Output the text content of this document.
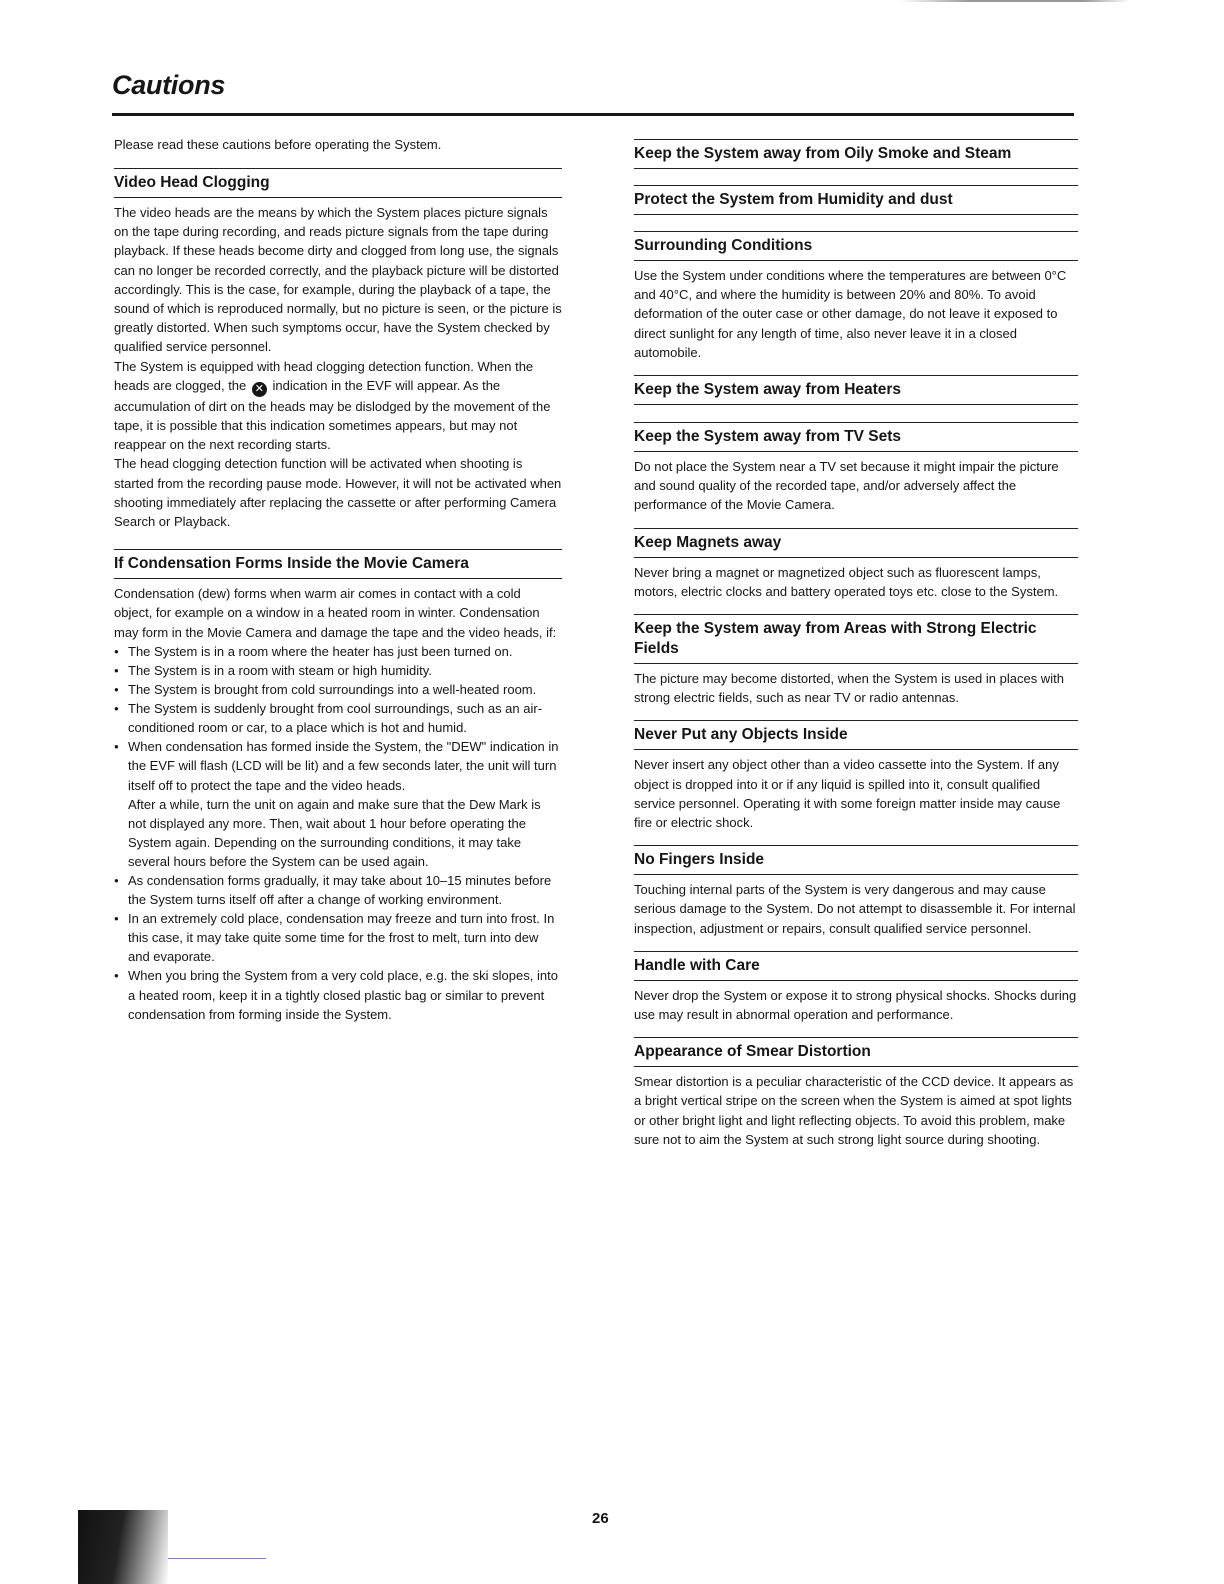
Cautions

Please read these cautions before operating the System.

Video Head Clogging

The video heads are the means by which the System places picture signals on the tape during recording, and reads picture signals from the tape during playback. If these heads become dirty and clogged from long use, the signals can no longer be recorded correctly, and the playback picture will be distorted accordingly. This is the case, for example, during the playback of a tape, the sound of which is reproduced normally, but no picture is seen, or the picture is greatly distorted. When such symptoms occur, have the System checked by qualified service personnel.

The System is equipped with head clogging detection function. When the heads are clogged, the ✕ indication in the EVF will appear. As the accumulation of dirt on the heads may be dislodged by the movement of the tape, it is possible that this indication sometimes appears, but may not reappear on the next recording starts.

The head clogging detection function will be activated when shooting is started from the recording pause mode. However, it will not be activated when shooting immediately after replacing the cassette or after performing Camera Search or Playback.

If Condensation Forms Inside the Movie Camera

Condensation (dew) forms when warm air comes in contact with a cold object, for example on a window in a heated room in winter. Condensation may form in the Movie Camera and damage the tape and the video heads, if:

● The System is in a room where the heater has just been turned on.
● The System is in a room with steam or high humidity.
● The System is brought from cold surroundings into a well-heated room.
● The System is suddenly brought from cool surroundings, such as an air-conditioned room or car, to a place which is hot and humid.
● When condensation has formed inside the System, the "DEW" indication in the EVF will flash (LCD will be lit) and a few seconds later, the unit will turn itself off to protect the tape and the video heads.
After a while, turn the unit on again and make sure that the Dew Mark is not displayed any more. Then, wait about 1 hour before operating the System again. Depending on the surrounding conditions, it may take several hours before the System can be used again.
● As condensation forms gradually, it may take about 10–15 minutes before the System turns itself off after a change of working environment.
● In an extremely cold place, condensation may freeze and turn into frost. In this case, it may take quite some time for the frost to melt, turn into dew and evaporate.
● When you bring the System from a very cold place, e.g. the ski slopes, into a heated room, keep it in a tightly closed plastic bag or similar to prevent condensation from forming inside the System.
Keep the System away from Oily Smoke and Steam
Protect the System from Humidity and dust
Surrounding Conditions

Use the System under conditions where the temperatures are between 0°C and 40°C, and where the humidity is between 20% and 80%. To avoid deformation of the outer case or other damage, do not leave it exposed to direct sunlight for any length of time, also never leave it in a closed automobile.

Keep the System away from Heaters
Keep the System away from TV Sets

Do not place the System near a TV set because it might impair the picture and sound quality of the recorded tape, and/or adversely affect the performance of the Movie Camera.

Keep Magnets away

Never bring a magnet or magnetized object such as fluorescent lamps, motors, electric clocks and battery operated toys etc. close to the System.

Keep the System away from Areas with Strong Electric Fields

The picture may become distorted, when the System is used in places with strong electric fields, such as near TV or radio antennas.

Never Put any Objects Inside

Never insert any object other than a video cassette into the System. If any object is dropped into it or if any liquid is spilled into it, consult qualified service personnel. Operating it with some foreign matter inside may cause fire or electric shock.

No Fingers Inside

Touching internal parts of the System is very dangerous and may cause serious damage to the System. Do not attempt to disassemble it. For internal inspection, adjustment or repairs, consult qualified service personnel.

Handle with Care

Never drop the System or expose it to strong physical shocks. Shocks during use may result in abnormal operation and performance.

Appearance of Smear Distortion

Smear distortion is a peculiar characteristic of the CCD device. It appears as a bright vertical stripe on the screen when the System is aimed at spot lights or other bright light and light reflecting objects. To avoid this problem, make sure not to aim the System at such strong light source during shooting.

26
